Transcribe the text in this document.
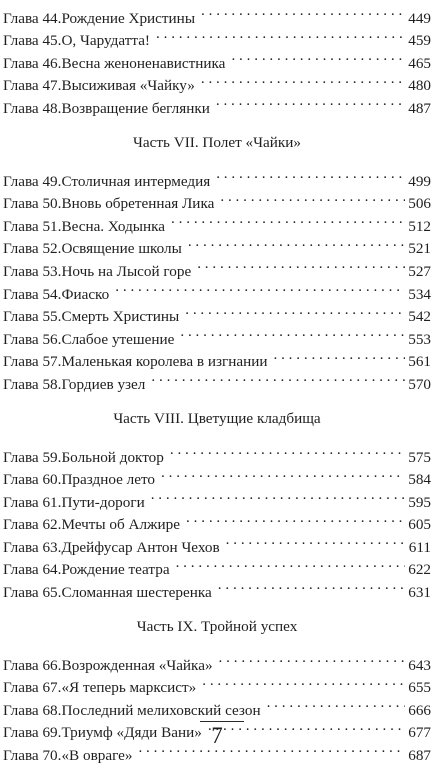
Глава 44. Рождение Христины . . .	449
Глава 45. О, Чарудатта! . . .	459
Глава 46. Весна женоненавистника . . .	465
Глава 47. Высиживая «Чайку» . . .	480
Глава 48. Возвращение беглянки . . .	487
Часть VII. Полет «Чайки»
Глава 49. Столичная интермедия . . .	499
Глава 50. Вновь обретенная Лика . . .	506
Глава 51. Весна. Ходынка . . .	512
Глава 52. Освящение школы . . .	521
Глава 53. Ночь на Лысой горе . . .	527
Глава 54. Фиаско . . .	534
Глава 55. Смерть Христины . . .	542
Глава 56. Слабое утешение . . .	553
Глава 57. Маленькая королева в изгнании . . .	561
Глава 58. Гордиев узел . . .	570
Часть VIII. Цветущие кладбища
Глава 59. Больной доктор . . .	575
Глава 60. Праздное лето . . .	584
Глава 61. Пути-дороги . . .	595
Глава 62. Мечты об Алжире . . .	605
Глава 63. Дрейфусар Антон Чехов . . .	611
Глава 64. Рождение театра . . .	622
Глава 65. Сломанная шестеренка . . .	631
Часть IX. Тройной успех
Глава 66. Возрожденная «Чайка» . . .	643
Глава 67. «Я теперь марксист» . . .	655
Глава 68. Последний мелиховский сезон . . .	666
Глава 69. Триумф «Дяди Вани» . . .	677
Глава 70. «В овраге» . . .	687
7
